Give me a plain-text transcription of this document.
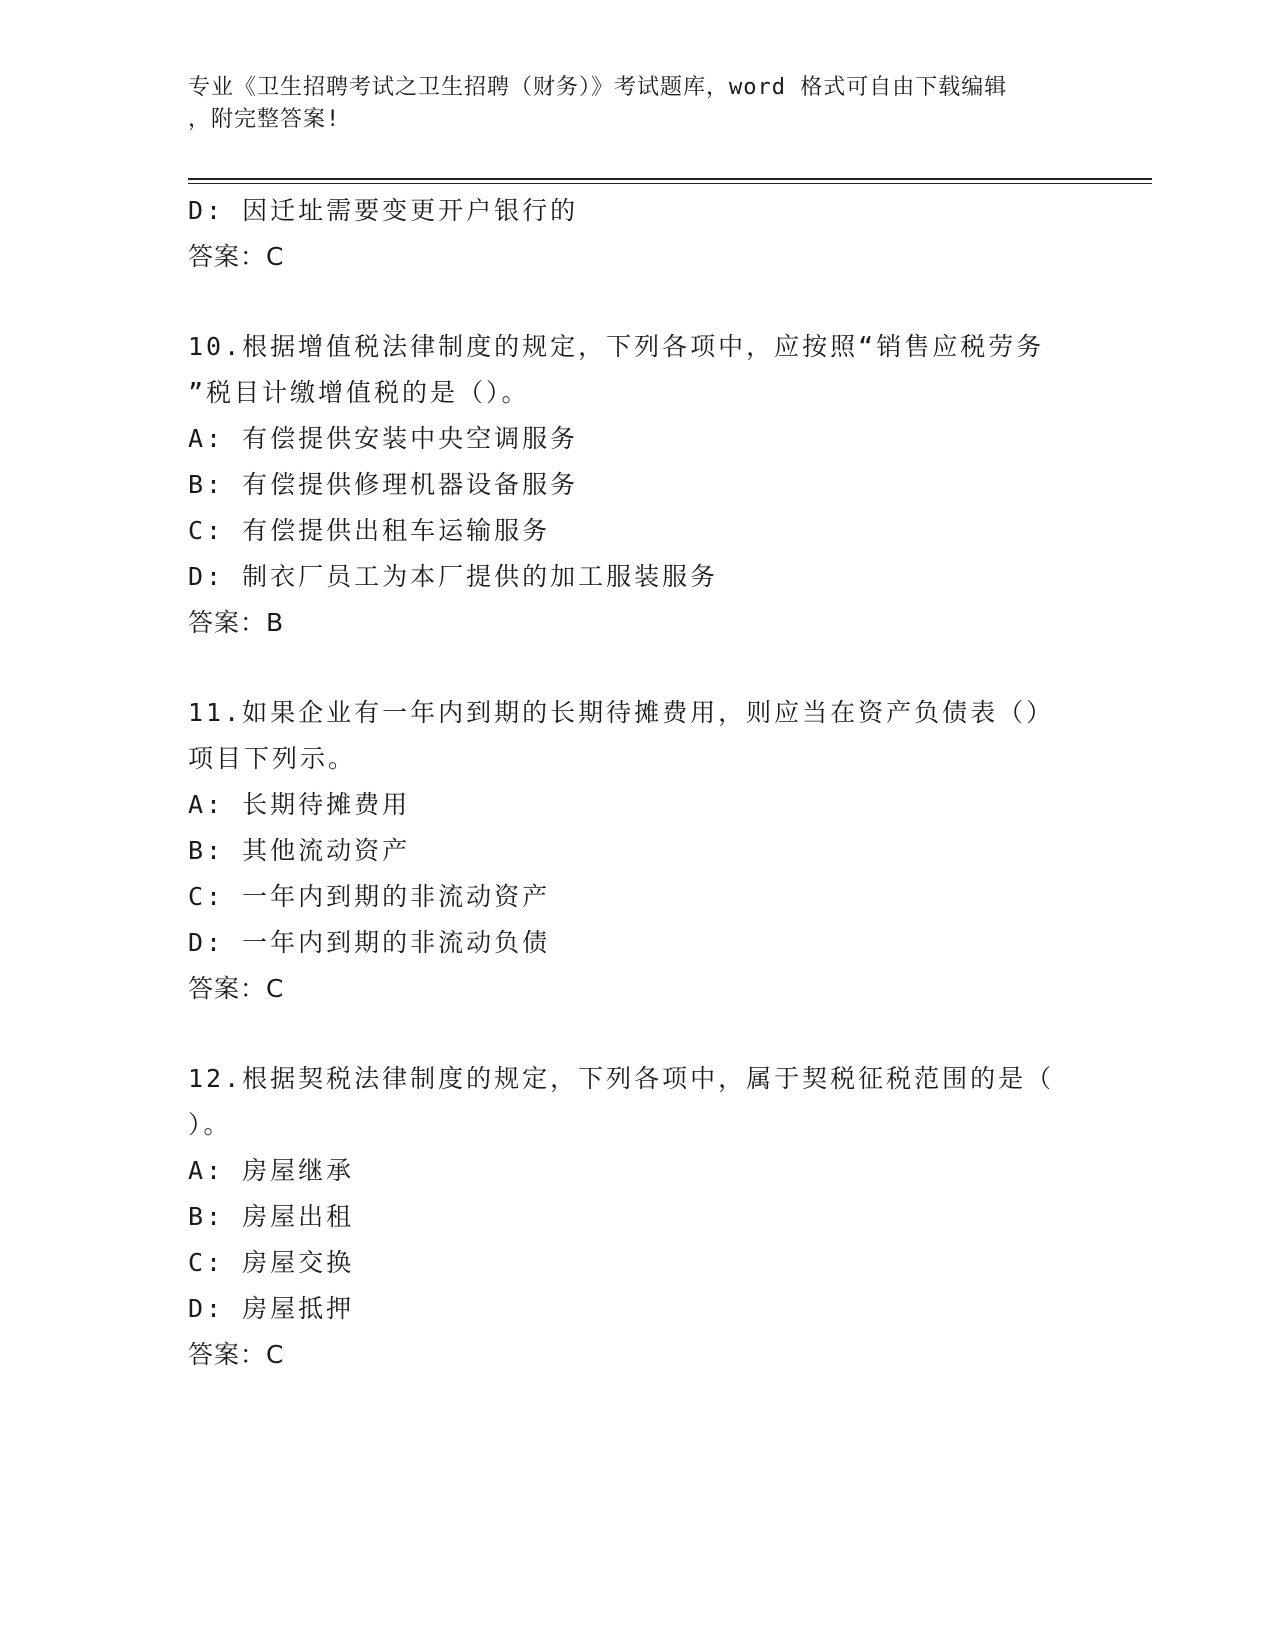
专业《卫生招聘考试之卫生招聘（财务）》考试题库，word 格式可自由下载编辑
，附完整答案!
D: 因迁址需要变更开户银行的
答案：C
10.根据增值税法律制度的规定，下列各项中，应按照“销售应税劳务
”税目计缴增值税的是（）。
A: 有偿提供安装中央空调服务
B: 有偿提供修理机器设备服务
C: 有偿提供出租车运输服务
D: 制衣厂员工为本厂提供的加工服装服务
答案：B
11.如果企业有一年内到期的长期待摊费用，则应当在资产负债表（）
项目下列示。
A: 长期待摊费用
B: 其他流动资产
C: 一年内到期的非流动资产
D: 一年内到期的非流动负债
答案：C
12.根据契税法律制度的规定，下列各项中，属于契税征税范围的是（
）。
A: 房屋继承
B: 房屋出租
C: 房屋交换
D: 房屋抵押
答案：C
